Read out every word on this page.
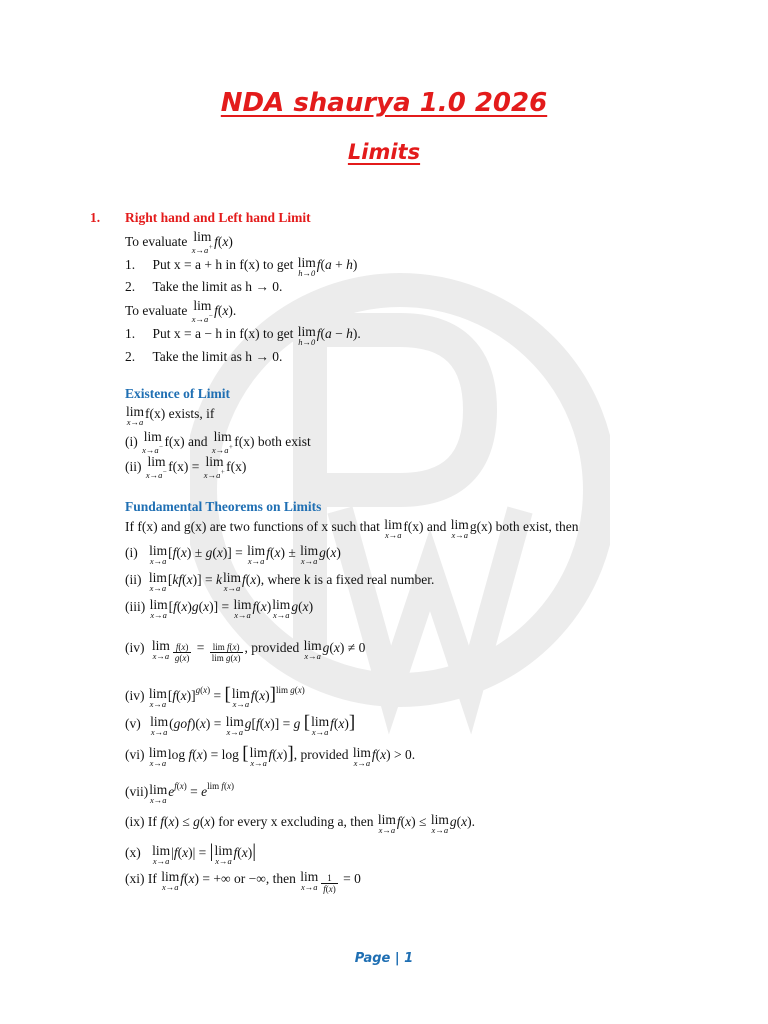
NDA shaurya 1.0 2026
Limits
1. Right hand and Left hand Limit
To evaluate lim
x→a+ f(x)
1. Put x = a + h in f(x) to get lim
h→0
f(a + h)
2. Take the limit as h → 0.
To evaluate lim
x→a− f(x).
1. Put x = a − h in f(x) to get lim
h→0
f(a − h).
2. Take the limit as h → 0.
Existence of Limit
lim
x→a
f(x) exists, if
(i) lim
x→a− f(x) and lim
x→a+ f(x) both exist
(ii) lim
x→a− f(x) = lim
x→a+ f(x)
Fundamental Theorems on Limits
If f(x) and g(x) are two functions of x such that lim
x→a
f(x) and lim
x→a
g(x) both exist, then
(i) lim
x→a
[f(x) ± g(x)] = lim
x→a
f(x) ± lim
x→a
g(x)
(ii) lim
x→a
[kf(x)] = k lim
x→a
f(x), where k is a fixed real number.
(iii) lim
x→a
[f(x)g(x)] = lim
x→a
f(x) lim
x→a
g(x)
(iv) lim
$x\to a \frac{f(x)}{g(x)} = \frac{\text{lim f(x)}}{\text{lim g(x)}}$ , provided lim
x→a
g(x) ≠ 0
(iv) lim
x→a
$[f(x)]^{g(x)}$ = [ lim
x→a
f(x)]$^{lim g(x)}$
(v) lim
x→a
(gof)(x) = lim
x→a
g[f(x)] = g [ lim
x→a
f(x)]
(vi) lim
x→a
log f(x) = log [ lim
x→a
f(x)], provided lim
x→a
f(x) > 0.
(vii) lim
x→a
$e^{f(x)} = e^{lim f(x)}$
(ix) If f(x) ≤ g(x) for every x excluding a, then lim
x→a
f(x) ≤ lim
x→a
g(x).
(x) lim
x→a
|f(x)| = | lim
x→a
f(x)|
(xi) If lim
x→a
f(x) = +∞ or −∞, then lim
$x\to a \frac{1}{f(x)} = 0$
Page | 1
